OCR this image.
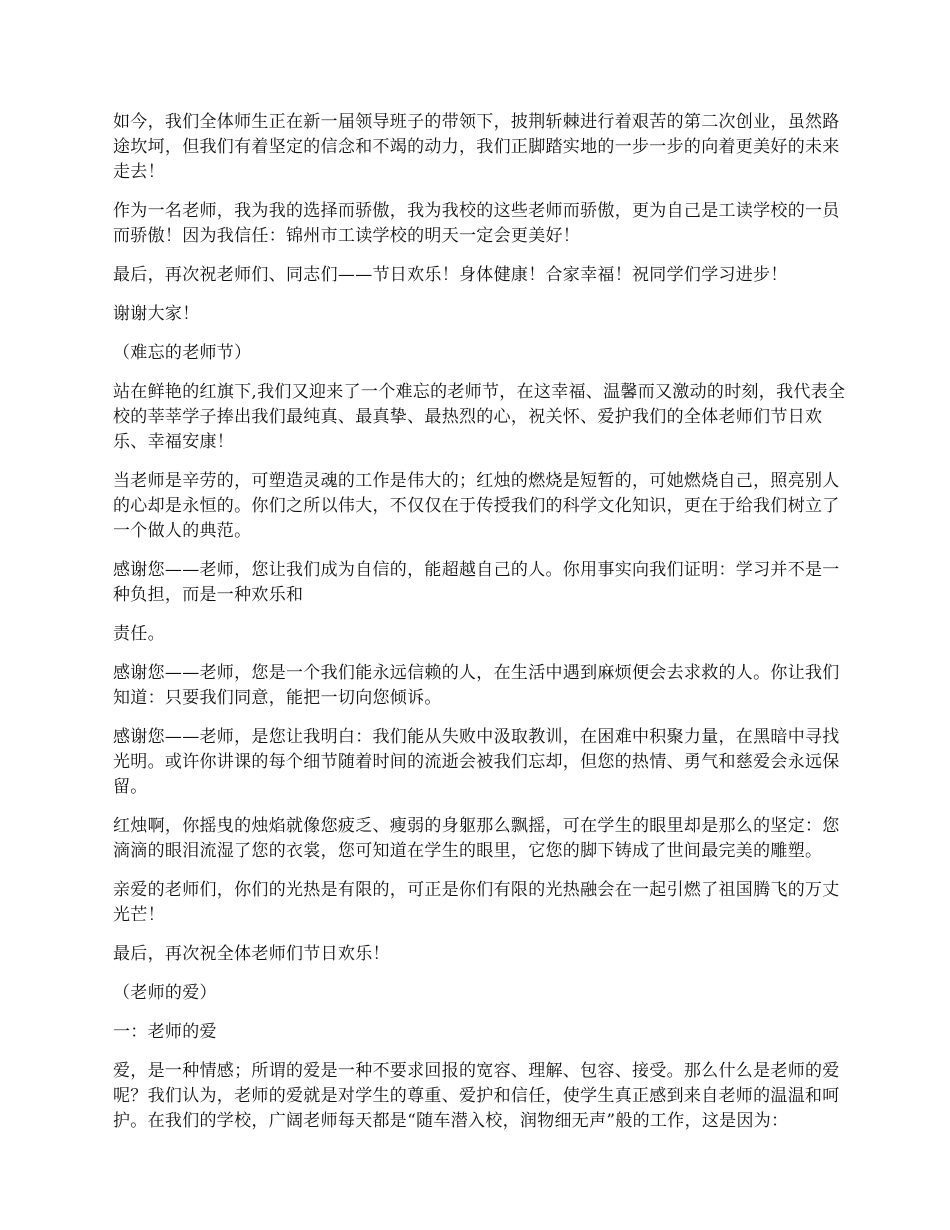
如今，我们全体师生正在新一届领导班子的带领下，披荆斩棘进行着艰苦的第二次创业，虽然路途坎坷，但我们有着坚定的信念和不竭的动力，我们正脚踏实地的一步一步的向着更美好的未来走去！

作为一名老师，我为我的选择而骄傲，我为我校的这些老师而骄傲，更为自己是工读学校的一员而骄傲！因为我信任：锦州市工读学校的明天一定会更美好！

最后，再次祝老师们、同志们——节日欢乐！身体健康！合家幸福！祝同学们学习进步！

谢谢大家！

（难忘的老师节）

站在鲜艳的红旗下,我们又迎来了一个难忘的老师节，在这幸福、温馨而又激动的时刻，我代表全校的莘莘学子捧出我们最纯真、最真挚、最热烈的心，祝关怀、爱护我们的全体老师们节日欢乐、幸福安康！

当老师是辛劳的，可塑造灵魂的工作是伟大的；红烛的燃烧是短暂的，可她燃烧自己，照亮别人的心却是永恒的。你们之所以伟大，不仅仅在于传授我们的科学文化知识，更在于给我们树立了一个做人的典范。

感谢您——老师，您让我们成为自信的，能超越自己的人。你用事实向我们证明：学习并不是一种负担，而是一种欢乐和

责任。

感谢您——老师，您是一个我们能永远信赖的人，在生活中遇到麻烦便会去求救的人。你让我们知道：只要我们同意，能把一切向您倾诉。

感谢您——老师，是您让我明白：我们能从失败中汲取教训，在困难中积聚力量，在黑暗中寻找光明。或许你讲课的每个细节随着时间的流逝会被我们忘却，但您的热情、勇气和慈爱会永远保留。

红烛啊，你摇曳的烛焰就像您疲乏、瘦弱的身躯那么飘摇，可在学生的眼里却是那么的坚定：您滴滴的眼泪流湿了您的衣裳，您可知道在学生的眼里，它您的脚下铸成了世间最完美的雕塑。

亲爱的老师们，你们的光热是有限的，可正是你们有限的光热融会在一起引燃了祖国腾飞的万丈光芒！

最后，再次祝全体老师们节日欢乐！

（老师的爱）

一：老师的爱

爱，是一种情感；所谓的爱是一种不要求回报的宽容、理解、包容、接受。那么什么是老师的爱呢？我们认为，老师的爱就是对学生的尊重、爱护和信任，使学生真正感到来自老师的温温和呵护。在我们的学校，广阔老师每天都是“随车潜入校，润物细无声”般的工作，这是因为：
